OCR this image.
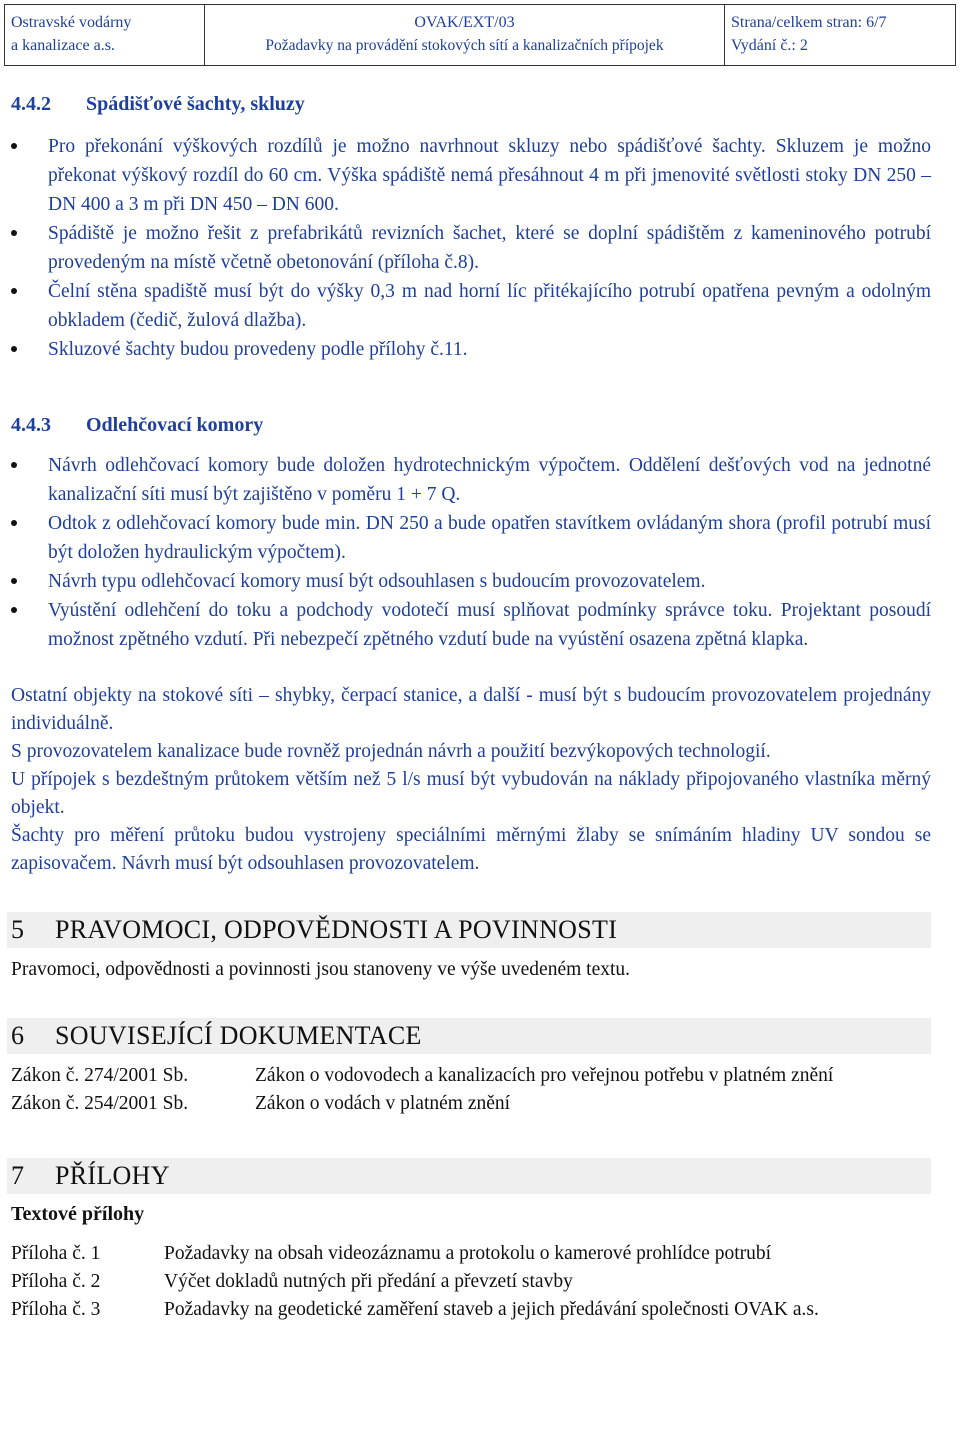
Ostravské vodárny
a kanalizace a.s.
OVAK/EXT/03
Požadavky na provádění stokových sítí a kanalizačních přípojek
Strana/celkem stran: 6/7
Vydání č.: 2
4.4.2 Spádišťové šachty, skluzy
Pro překonání výškových rozdílů je možno navrhnout skluzy nebo spádišťové šachty. Skluzem je možno překonat výškový rozdíl do 60 cm. Výška spádiště nemá přesáhnout 4 m při jmenovité světlosti stoky DN 250 – DN 400 a 3 m při DN 450 – DN 600.
Spádiště je možno řešit z prefabrikátů revizních šachet, které se doplní spádištěm z kameninového potrubí provedeným na místě včetně obetonování (příloha č.8).
Čelní stěna spadiště musí být do výšky 0,3 m nad horní líc přitékajícího potrubí opatřena pevným a odolným obkladem (čedič, žulová dlažba).
Skluzové šachty budou provedeny podle přílohy č.11.
4.4.3 Odlehčovací komory
Návrh odlehčovací komory bude doložen hydrotechnickým výpočtem. Oddělení dešťových vod na jednotné kanalizační síti musí být zajištěno v poměru 1 + 7 Q.
Odtok z odlehčovací komory bude min. DN 250 a bude opatřen stavítkem ovládaným shora (profil potrubí musí být doložen hydraulickým výpočtem).
Návrh typu odlehčovací komory musí být odsouhlasen s budoucím provozovatelem.
Vyústění odlehčení do toku a podchody vodotečí musí splňovat podmínky správce toku. Projektant posoudí možnost zpětného vzdutí. Při nebezpečí zpětného vzdutí bude na vyústění osazena zpětná klapka.

Ostatní objekty na stokové síti – shybky, čerpací stanice, a další - musí být s budoucím provozovatelem projednány individuálně.

S provozovatelem kanalizace bude rovněž projednán návrh a použití bezvýkopových technologií.

U přípojek s bezdeštným průtokem větším než 5 l/s musí být vybudován na náklady připojovaného vlastníka měrný objekt.

Šachty pro měření průtoku budou vystrojeny speciálními měrnými žlaby se snímáním hladiny UV sondou se zapisovačem. Návrh musí být odsouhlasen provozovatelem.

5 PRAVOMOCI, ODPOVĚDNOSTI A POVINNOSTI

Pravomoci, odpovědnosti a povinnosti jsou stanoveny ve výše uvedeném textu.

6 SOUVISEJÍCÍ DOKUMENTACE
Zákon č. 274/2001 Sb.	Zákon o vodovodech a kanalizacích pro veřejnou potřebu v platném znění
Zákon č. 254/2001 Sb.	Zákon o vodách v platném znění
7 PŘÍLOHY

Textové přílohy

Příloha č. 1	Požadavky na obsah videozáznamu a protokolu o kamerové prohlídce potrubí
Příloha č. 2	Výčet dokladů nutných při předání a převzetí stavby
Příloha č. 3	Požadavky na geodetické zaměření staveb a jejich předávání společnosti OVAK a.s.
